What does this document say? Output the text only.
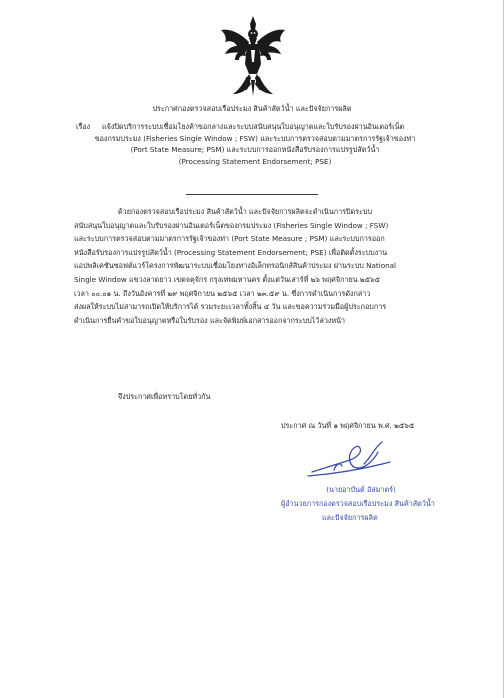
ประกาศกองตรวจสอบเรือประมง สินค้าสัตว์น้ำ และปัจจัยการผลิต
เรื่อง	แจ้งปิดบริการระบบเชื่อมโยงค้าขอกลางและระบบสนับสนุนใบอนุญาตและใบรับรองผ่านอินเตอร์เน็ต
ของกรมประมง (Fisheries Single Window ; FSW) และระบบการตรวจสอบตามมาตรการรัฐเจ้าของท่า
(Port State Measure; PSM) และระบบการออกหนังสือรับรองการแปรรูปสัตว์น้ำ
(Processing Statement Endorsement; PSE)
ด้วยกองตรวจสอบเรือประมง สินค้าสัตว์น้ำ และปัจจัยการผลิตจะดำเนินการปิดระบบ
สนับสนุนใบอนุญาตและใบรับรองผ่านอินเตอร์เน็ตของกรมประมง (Fisheries Single Window ; FSW)
และระบบการตรวจสอบตามมาตรการรัฐเจ้าของท่า (Port State Measure ; PSM) และระบบการออก
หนังสือรับรองการแปรรูปสัตว์น้ำ (Processing Statement Endorsement; PSE) เพื่อติดตั้งระบบงาน
แอปพลิเคชันซอฟต์แวร์โครงการพัฒนาระบบเชื่อมโยงทางอิเล็กทรอนิกส์สินค้าประมง ผ่านระบบ National
Single Window แขวงลาดยาว เขตจตุจักร กรุงเทพมหานคร ตั้งแต่วันเสาร์ที่ ๒๖ พฤศจิกายน ๒๕๖๕
เวลา ๐๐.๐๑ น. ถึงวันอังคารที่ ๒๙ พฤศจิกายน ๒๕๖๕ เวลา ๒๓.๕๙ น. ซึ่งการดำเนินการดังกล่าว
ส่งผลให้ระบบไม่สามารถเปิดให้บริการได้ รวมระยะเวลาทั้งสิ้น ๔ วัน และขอความร่วมมือผู้ประกอบการ
ดำเนินการยื่นคำขอใบอนุญาตหรือใบรับรอง และจัดพิมพ์เอกสารออกจากระบบไว้ล่วงหน้า
จึงประกาศเพื่อทราบโดยทั่วกัน
ประกาศ ณ วันที่ ๑ พฤศจิกายน พ.ศ. ๒๕๖๕
(นายอาบันต์ อัสมาตร์)
ผู้อำนวยการกองตรวจสอบเรือประมง สินค้าสัตว์น้ำ
และปัจจัยการผลิต
